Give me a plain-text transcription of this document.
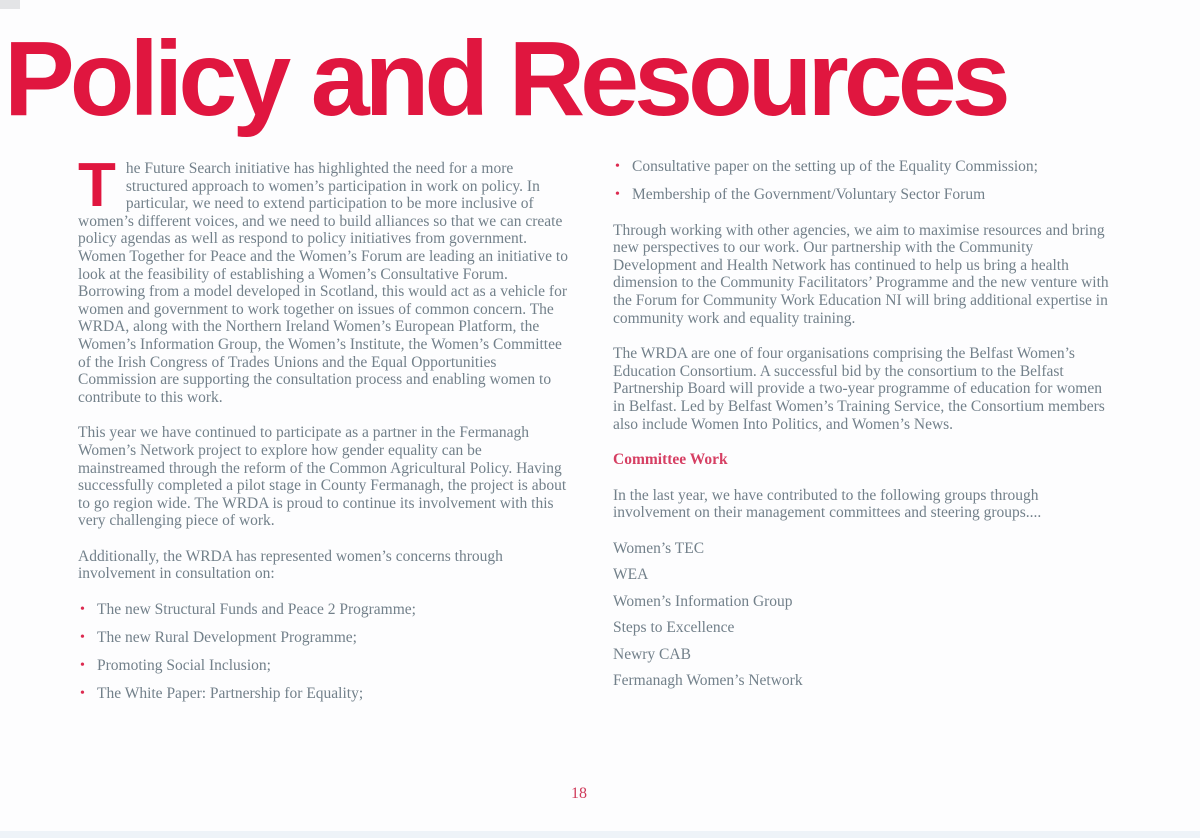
Policy and Resources

The Future Search initiative has highlighted the need for a more structured approach to women’s participation in work on policy. In particular, we need to extend participation to be more inclusive of women’s different voices, and we need to build alliances so that we can create policy agendas as well as respond to policy initiatives from government. Women Together for Peace and the Women’s Forum are leading an initiative to look at the feasibility of establishing a Women’s Consultative Forum. Borrowing from a model developed in Scotland, this would act as a vehicle for women and government to work together on issues of common concern. The WRDA, along with the Northern Ireland Women’s European Platform, the Women’s Information Group, the Women’s Institute, the Women’s Committee of the Irish Congress of Trades Unions and the Equal Opportunities Commission are supporting the consultation process and enabling women to contribute to this work.

This year we have continued to participate as a partner in the Fermanagh Women’s Network project to explore how gender equality can be mainstreamed through the reform of the Common Agricultural Policy. Having successfully completed a pilot stage in County Fermanagh, the project is about to go region wide. The WRDA is proud to continue its involvement with this very challenging piece of work.

Additionally, the WRDA has represented women’s concerns through involvement in consultation on:

• The new Structural Funds and Peace 2 Programme;
• The new Rural Development Programme;
• Promoting Social Inclusion;
• The White Paper: Partnership for Equality;
• Consultative paper on the setting up of the Equality Commission;
• Membership of the Government/Voluntary Sector Forum

Through working with other agencies, we aim to maximise resources and bring new perspectives to our work. Our partnership with the Community Development and Health Network has continued to help us bring a health dimension to the Community Facilitators’ Programme and the new venture with the Forum for Community Work Education NI will bring additional expertise in community work and equality training.

The WRDA are one of four organisations comprising the Belfast Women’s Education Consortium. A successful bid by the consortium to the Belfast Partnership Board will provide a two-year programme of education for women in Belfast. Led by Belfast Women’s Training Service, the Consortium members also include Women Into Politics, and Women’s News.

Committee Work

In the last year, we have contributed to the following groups through involvement on their management committees and steering groups....

Women’s TEC

WEA

Women’s Information Group

Steps to Excellence

Newry CAB

Fermanagh Women’s Network

18
